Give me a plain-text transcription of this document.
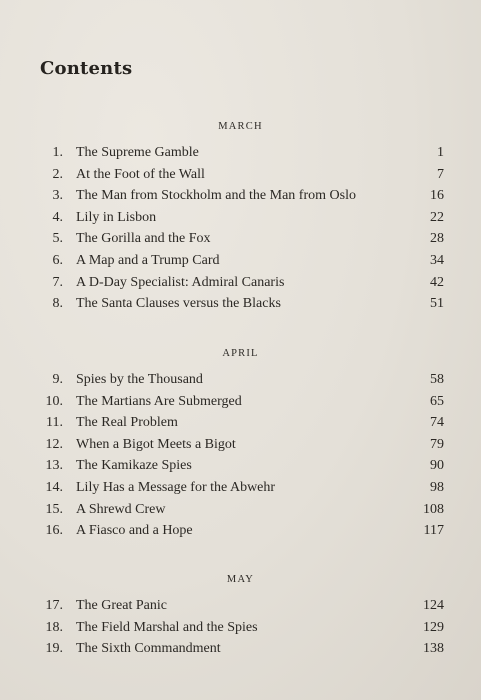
Contents
MARCH
1. The Supreme Gamble	1
2. At the Foot of the Wall	7
3. The Man from Stockholm and the Man from Oslo	16
4. Lily in Lisbon	22
5. The Gorilla and the Fox	28
6. A Map and a Trump Card	34
7. A D-Day Specialist: Admiral Canaris	42
8. The Santa Clauses versus the Blacks	51
APRIL
9. Spies by the Thousand	58
10. The Martians Are Submerged	65
11. The Real Problem	74
12. When a Bigot Meets a Bigot	79
13. The Kamikaze Spies	90
14. Lily Has a Message for the Abwehr	98
15. A Shrewd Crew	108
16. A Fiasco and a Hope	117
MAY
17. The Great Panic	124
18. The Field Marshal and the Spies	129
19. The Sixth Commandment	138
